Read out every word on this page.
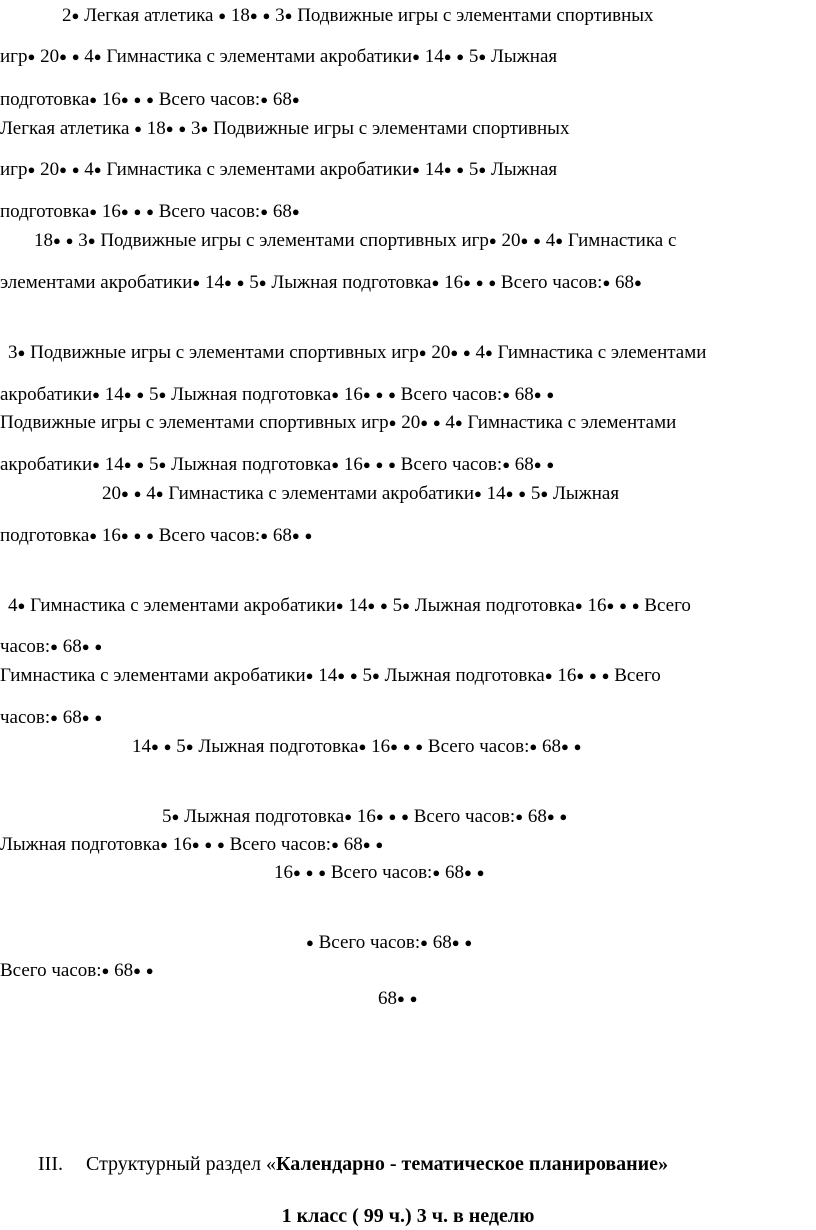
2● Легкая атлетика ● 18● ● 3● Подвижные игры с элементами спортивных
игр● 20● ● 4● Гимнастика с элементами акробатики● 14● ● 5● Лыжная
подготовка● 16● ● ● Всего часов:● 68●
Легкая атлетика ● 18● ● 3● Подвижные игры с элементами спортивных
игр● 20● ● 4● Гимнастика с элементами акробатики● 14● ● 5● Лыжная
подготовка● 16● ● ● Всего часов:● 68●
18● ● 3● Подвижные игры с элементами спортивных игр● 20● ● 4● Гимнастика с
элементами акробатики● 14● ● 5● Лыжная подготовка● 16● ● ● Всего часов:● 68●
3● Подвижные игры с элементами спортивных игр● 20● ● 4● Гимнастика с элементами
акробатики● 14● ● 5● Лыжная подготовка● 16● ● ● Всего часов:● 68● ●
Подвижные игры с элементами спортивных игр● 20● ● 4● Гимнастика с элементами
акробатики● 14● ● 5● Лыжная подготовка● 16● ● ● Всего часов:● 68● ●
20● ● 4● Гимнастика с элементами акробатики● 14● ● 5● Лыжная
подготовка● 16● ● ● Всего часов:● 68● ●
4● Гимнастика с элементами акробатики● 14● ● 5● Лыжная подготовка● 16● ● ● Всего
часов:● 68● ●
Гимнастика с элементами акробатики● 14● ● 5● Лыжная подготовка● 16● ● ● Всего
часов:● 68● ●
14● ● 5● Лыжная подготовка● 16● ● ● Всего часов:● 68● ●
5● Лыжная подготовка● 16● ● ● Всего часов:● 68● ●
Лыжная подготовка● 16● ● ● Всего часов:● 68● ●
16● ● ● Всего часов:● 68● ●
● Всего часов:● 68● ●
Всего часов:● 68● ●
68● ●
III. Структурный раздел «Календарно - тематическое планирование»
1 класс ( 99 ч.) 3 ч. в неделю
